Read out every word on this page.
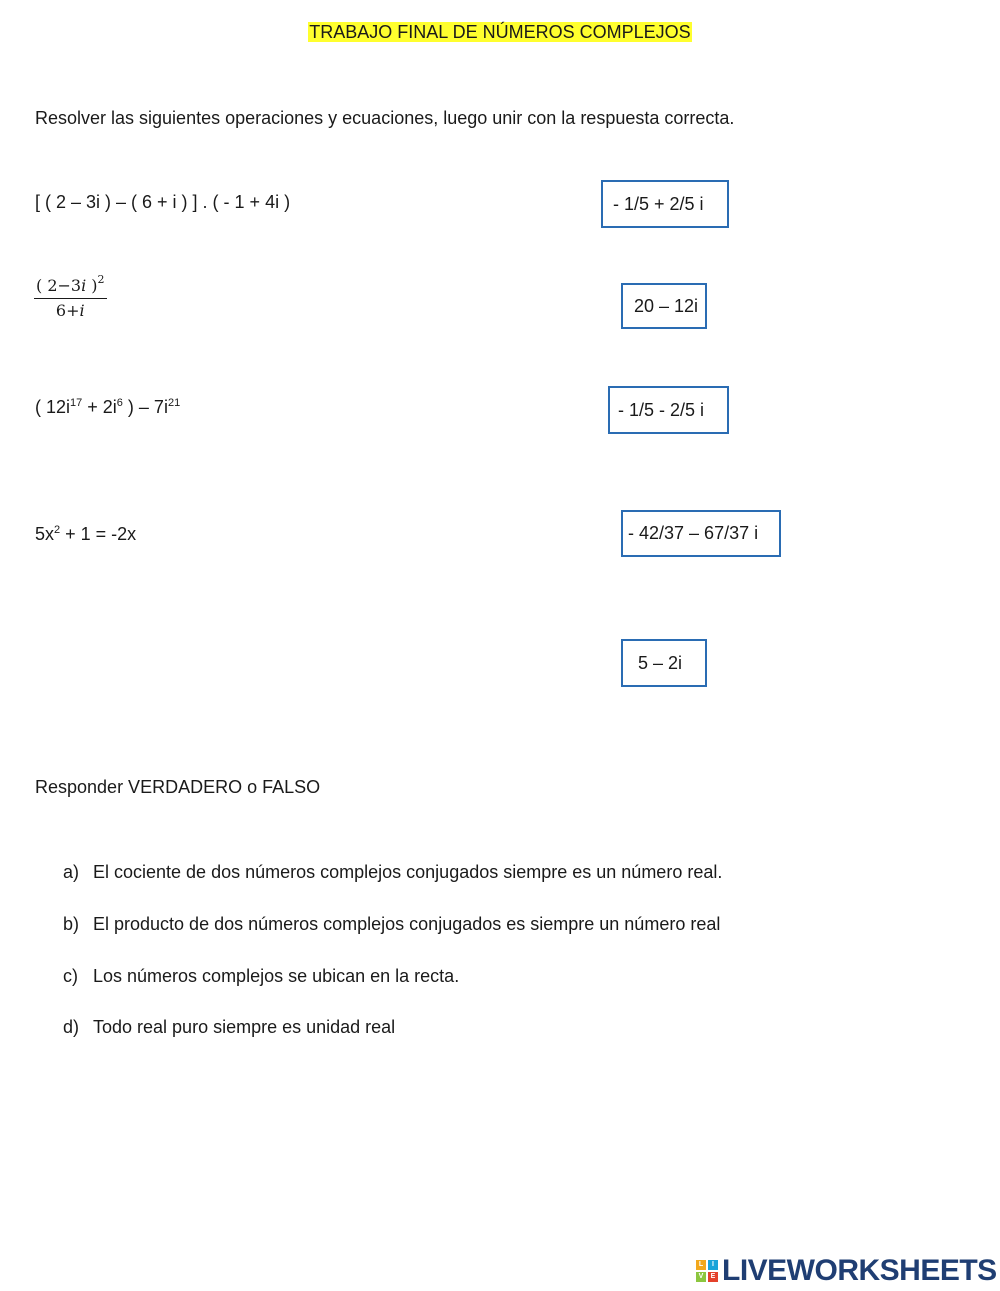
TRABAJO FINAL DE NÚMEROS COMPLEJOS
Resolver las siguientes operaciones y ecuaciones, luego unir con la respuesta correcta.
[ ( 2 – 3i ) – ( 6 + i ) ] . ( - 1 + 4i )
$\frac{( 2-3i )^2}{6+i}$
( $12i^{17} + 2i^6$ ) – $7i^{21}$
$5x^2 + 1 = -2x$
- 1/5 + 2/5 i
20 – 12i
- 1/5 - 2/5 i
- 42/37 – 67/37 i
5 – 2i
Responder VERDADERO o FALSO
a) El cociente de dos números complejos conjugados siempre es un número real.
b) El producto de dos números complejos conjugados es siempre un número real
c) Los números complejos se ubican en la recta.
d) Todo real puro siempre es unidad real
L	I
V	E LIVEWORKSHEETS
